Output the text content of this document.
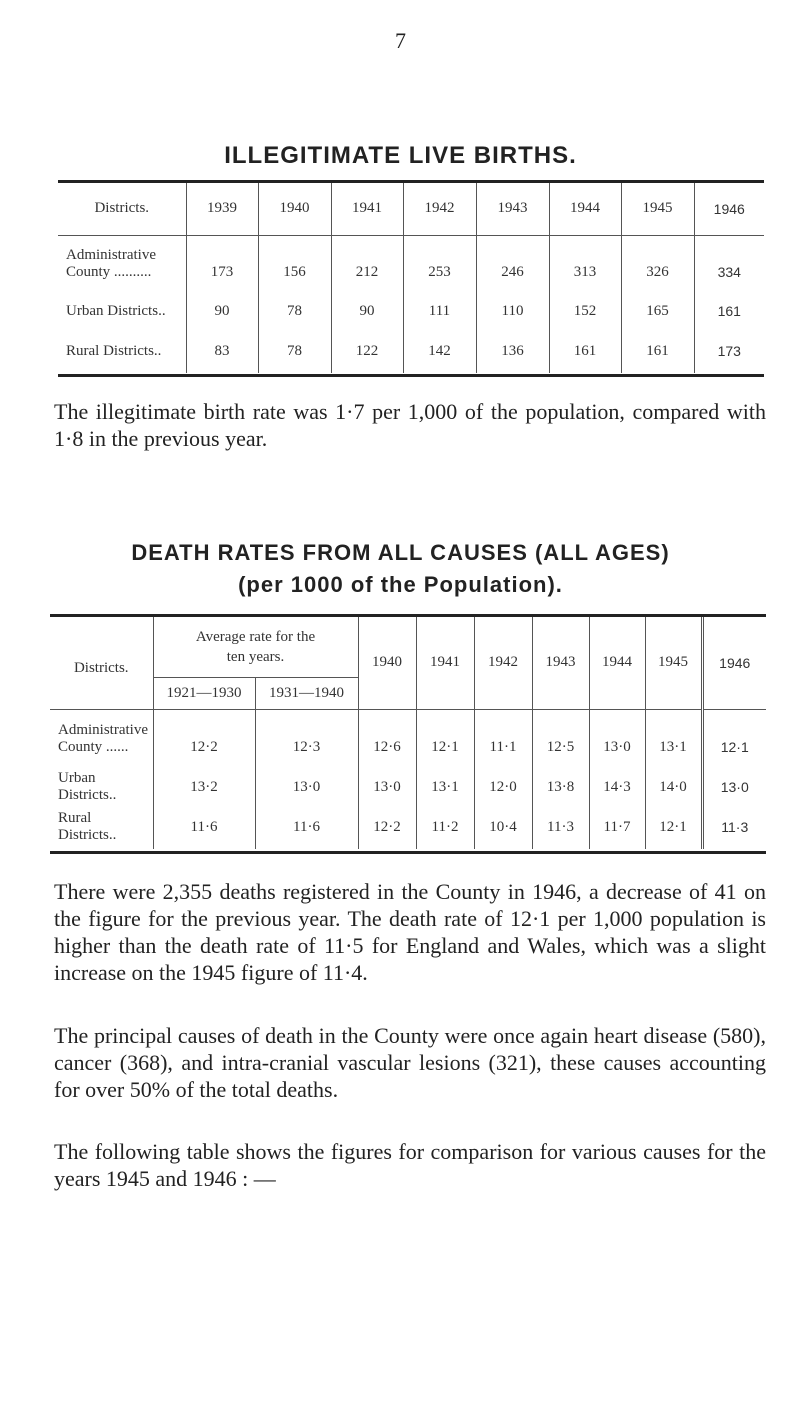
7
ILLEGITIMATE LIVE BIRTHS.
Districts.	1939	1940	1941	1942	1943	1944	1945	1946
Administrative
County ..........	173	156	212	253	246	313	326	334
Urban Districts..	90	78	90	111	110	152	165	161
Rural Districts..	83	78	122	142	136	161	161	173

The illegitimate birth rate was 1·7 per 1,000 of the population, compared with 1·8 in the previous year.

DEATH RATES FROM ALL CAUSES (ALL AGES)
(per 1000 of the Population).
Districts.	Average rate for the ten years.		1940	1941	1942	1943	1944	1945	1946
	1921—1930	1931—1940							
Administrative
County ......	12·2	12·3	12·6	12·1	11·1	12·5	13·0	13·1	12·1
Urban Districts..	13·2	13·0	13·0	13·1	12·0	13·8	14·3	14·0	13·0
Rural Districts..	11·6	11·6	12·2	11·2	10·4	11·3	11·7	12·1	11·3

There were 2,355 deaths registered in the County in 1946, a decrease of 41 on the figure for the previous year. The death rate of 12·1 per 1,000 population is higher than the death rate of 11·5 for England and Wales, which was a slight increase on the 1945 figure of 11·4.

The principal causes of death in the County were once again heart disease (580), cancer (368), and intra-cranial vascular lesions (321), these causes accounting for over 50% of the total deaths.

The following table shows the figures for comparison for various causes for the years 1945 and 1946 : —
